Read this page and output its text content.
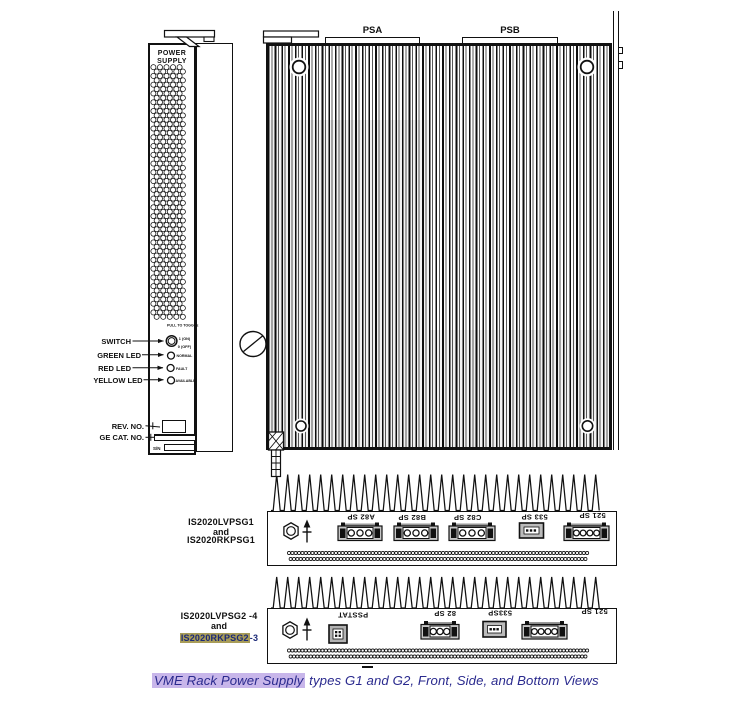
POWER
SUPPLY
PSA	PSB
SWITCH
GREEN LED
RED LED
YELLOW LED
REV. NO.
GE CAT. NO.
IS2020LVPSG1
and
IS2020RKPSG1
IS2020LVPSG2 -4
and
IS2020RKPSG2-3
VME Rack Power Supply types G1 and G2, Front, Side, and Bottom Views
A82 SP	B82 SP	C82 SP	533 SP	521 SP
PSSTAT	82 SP	533SP	521 SP
PULL TO TOGGLE
1 (ON)
0 (OFF)
NORMAL
FAULT
AVAILABLE
S/N
